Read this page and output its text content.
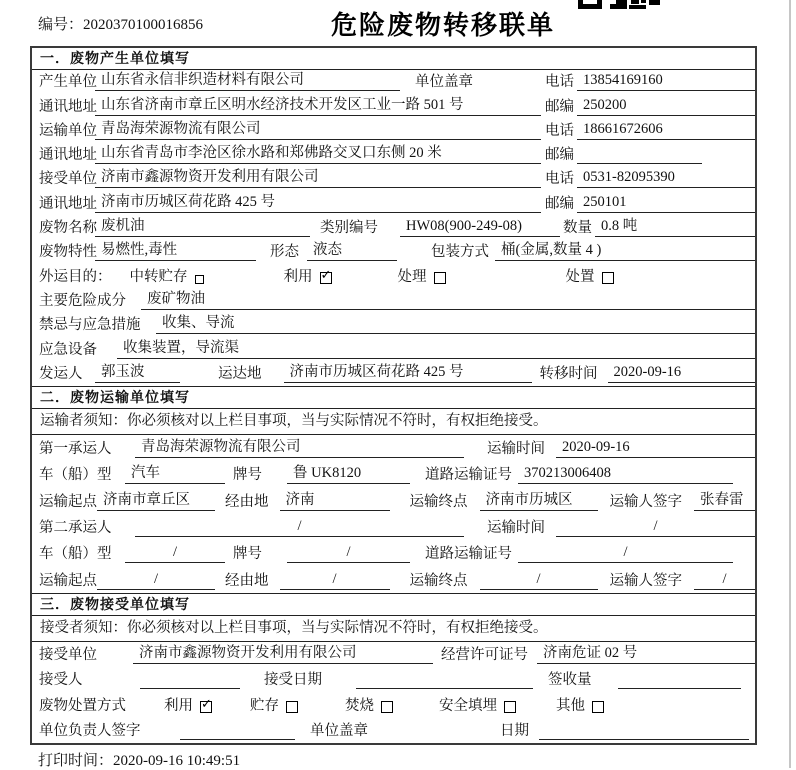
编号：2020370100016856	危险废物转移联单
一．废物产生单位填写
产生单位 山东省永信非织造材料有限公司	单位盖章	电话 13854169160
通讯地址 山东省济南市章丘区明水经济技术开发区工业一路 501 号	邮编 250200
运输单位 青岛海荣源物流有限公司	电话 18661672606
通讯地址 山东省青岛市李沧区徐水路和郑佛路交叉口东侧 20 米	邮编
接受单位 济南市鑫源物资开发利用有限公司	电话 0531-82095390
通讯地址 济南市历城区荷花路 425 号	邮编 250101
废物名称 废机油	类别编号	HW08(900-249-08)	数量 0.8 吨
废物特性 易燃性,毒性	形态 液态	包装方式 桶(金属,数量 4 )
外运目的： 中转贮存	利用 ✓	处理	处置
主要危险成分	废矿物油
禁忌与应急措施	收集、导流
应急设备	收集装置，导流渠
发运人	郭玉波	运达地	济南市历城区荷花路 425 号	转移时间	2020-09-16
二．废物运输单位填写
运输者须知：你必须核对以上栏目事项，当与实际情况不符时，有权拒绝接受。
第一承运人	青岛海荣源物流有限公司	运输时间	2020-09-16
车（船）型	汽车	牌号	鲁 UK8120	道路运输证号 370213006408
运输起点 济南市章丘区	经由地	济南	运输终点	济南市历城区	运输人签字	张春雷
第二承运人	/	运输时间	/
车（船）型	/	牌号	/	道路运输证号	/
运输起点	/	经由地	/	运输终点	/	运输人签字	/
三．废物接受单位填写
接受者须知：你必须核对以上栏目事项，当与实际情况不符时，有权拒绝接受。
接受单位	济南市鑫源物资开发利用有限公司	经营许可证号	济南危证 02 号
接受人	接受日期	签收量
废物处置方式	利用 ✓	贮存	焚烧	安全填埋	其他
单位负责人签字	单位盖章	日期
打印时间：2020-09-16 10:49:51
